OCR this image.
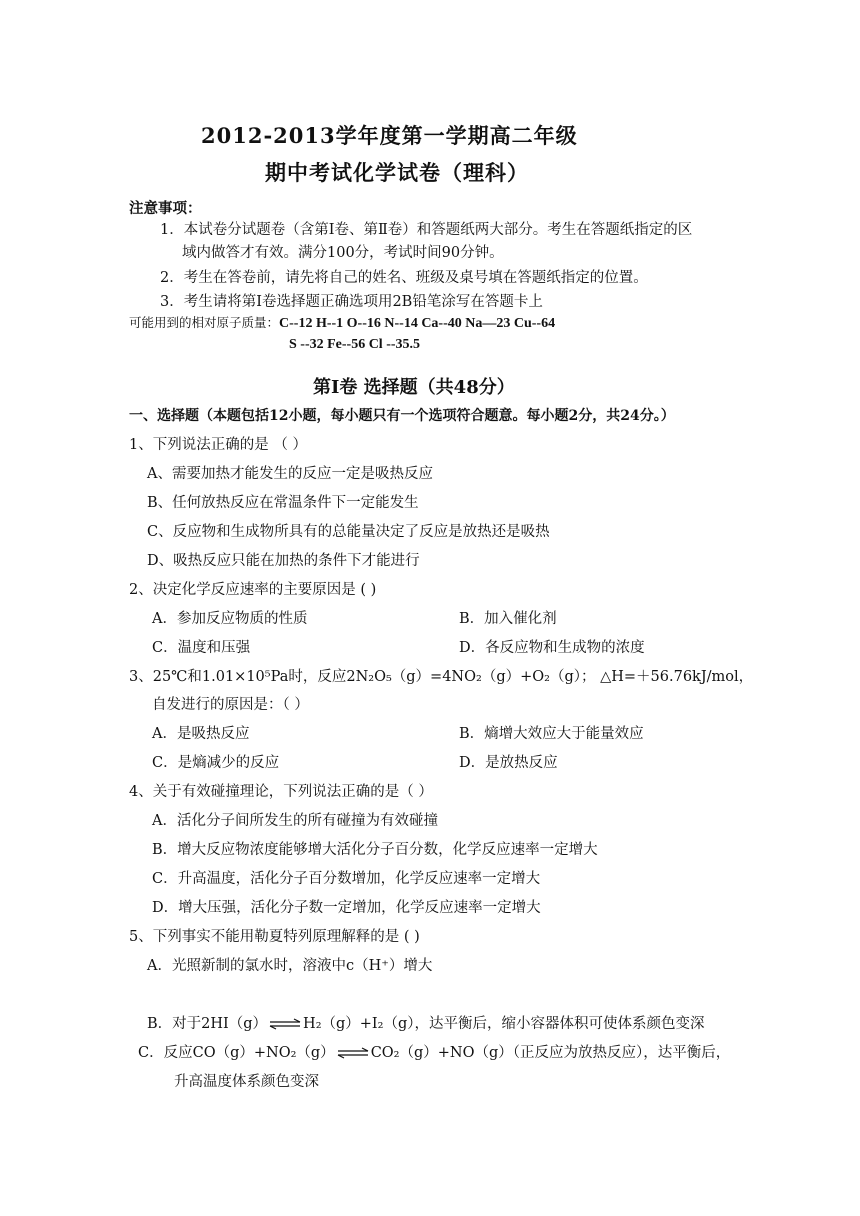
2012-2013学年度第一学期高二年级
期中考试化学试卷（理科）
注意事项：
1．本试卷分试题卷（含第Ⅰ卷、第Ⅱ卷）和答题纸两大部分。考生在答题纸指定的区
域内做答才有效。满分100分，考试时间90分钟。
2．考生在答卷前，请先将自己的姓名、班级及桌号填在答题纸指定的位置。
3．考生请将第Ⅰ卷选择题正确选项用2B铅笔涂写在答题卡上
可能用到的相对原子质量：C--12 H--1 O--16 N--14 Ca--40 Na—23 Cu--64
S --32 Fe--56 Cl --35.5
第Ⅰ卷 选择题（共48分）
一、选择题（本题包括12小题，每小题只有一个选项符合题意。每小题2分，共24分。）
1、下列说法正确的是 （ ）
A、需要加热才能发生的反应一定是吸热反应
B、任何放热反应在常温条件下一定能发生
C、反应物和生成物所具有的总能量决定了反应是放热还是吸热
D、吸热反应只能在加热的条件下才能进行
2、决定化学反应速率的主要原因是 ( )
A．参加反应物质的性质	B．加入催化剂
C．温度和压强	D．各反应物和生成物的浓度
3、25℃和1.01×10⁵Pa时，反应2N₂O₅（g）=4NO₂（g）+O₂（g）； △H=＋56.76kJ/mol，
自发进行的原因是：（ ）
A．是吸热反应	B．熵增大效应大于能量效应
C．是熵减少的反应	D．是放热反应
4、关于有效碰撞理论，下列说法正确的是（ ）
A．活化分子间所发生的所有碰撞为有效碰撞
B．增大反应物浓度能够增大活化分子百分数，化学反应速率一定增大
C．升高温度，活化分子百分数增加，化学反应速率一定增大
D．增大压强，活化分子数一定增加，化学反应速率一定增大
5、下列事实不能用勒夏特列原理解释的是 ( )
A．光照新制的氯水时，溶液中c（H⁺）增大
B．对于2HI（g）⇌H₂（g）+I₂（g），达平衡后，缩小容器体积可使体系颜色变深
C．反应CO（g）+NO₂（g）⇌CO₂（g）+NO（g）（正反应为放热反应），达平衡后，
升高温度体系颜色变深
